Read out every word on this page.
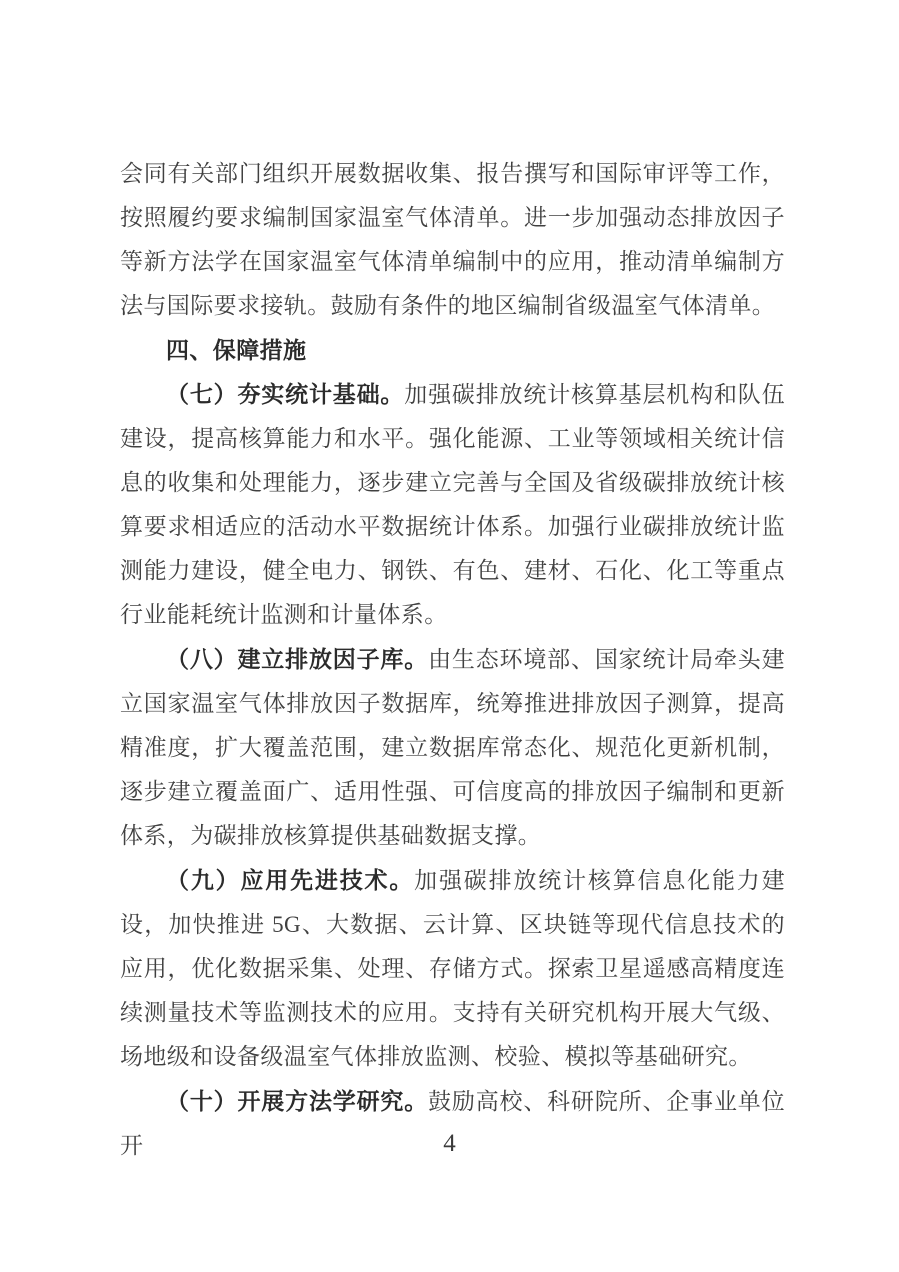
会同有关部门组织开展数据收集、报告撰写和国际审评等工作，按照履约要求编制国家温室气体清单。进一步加强动态排放因子等新方法学在国家温室气体清单编制中的应用，推动清单编制方法与国际要求接轨。鼓励有条件的地区编制省级温室气体清单。

四、保障措施

（七）夯实统计基础。加强碳排放统计核算基层机构和队伍建设，提高核算能力和水平。强化能源、工业等领域相关统计信息的收集和处理能力，逐步建立完善与全国及省级碳排放统计核算要求相适应的活动水平数据统计体系。加强行业碳排放统计监测能力建设，健全电力、钢铁、有色、建材、石化、化工等重点行业能耗统计监测和计量体系。

（八）建立排放因子库。由生态环境部、国家统计局牵头建立国家温室气体排放因子数据库，统筹推进排放因子测算，提高精准度，扩大覆盖范围，建立数据库常态化、规范化更新机制，逐步建立覆盖面广、适用性强、可信度高的排放因子编制和更新体系，为碳排放核算提供基础数据支撑。

（九）应用先进技术。加强碳排放统计核算信息化能力建设，加快推进 5G、大数据、云计算、区块链等现代信息技术的应用，优化数据采集、处理、存储方式。探索卫星遥感高精度连续测量技术等监测技术的应用。支持有关研究机构开展大气级、场地级和设备级温室气体排放监测、校验、模拟等基础研究。

（十）开展方法学研究。鼓励高校、科研院所、企事业单位开	4
